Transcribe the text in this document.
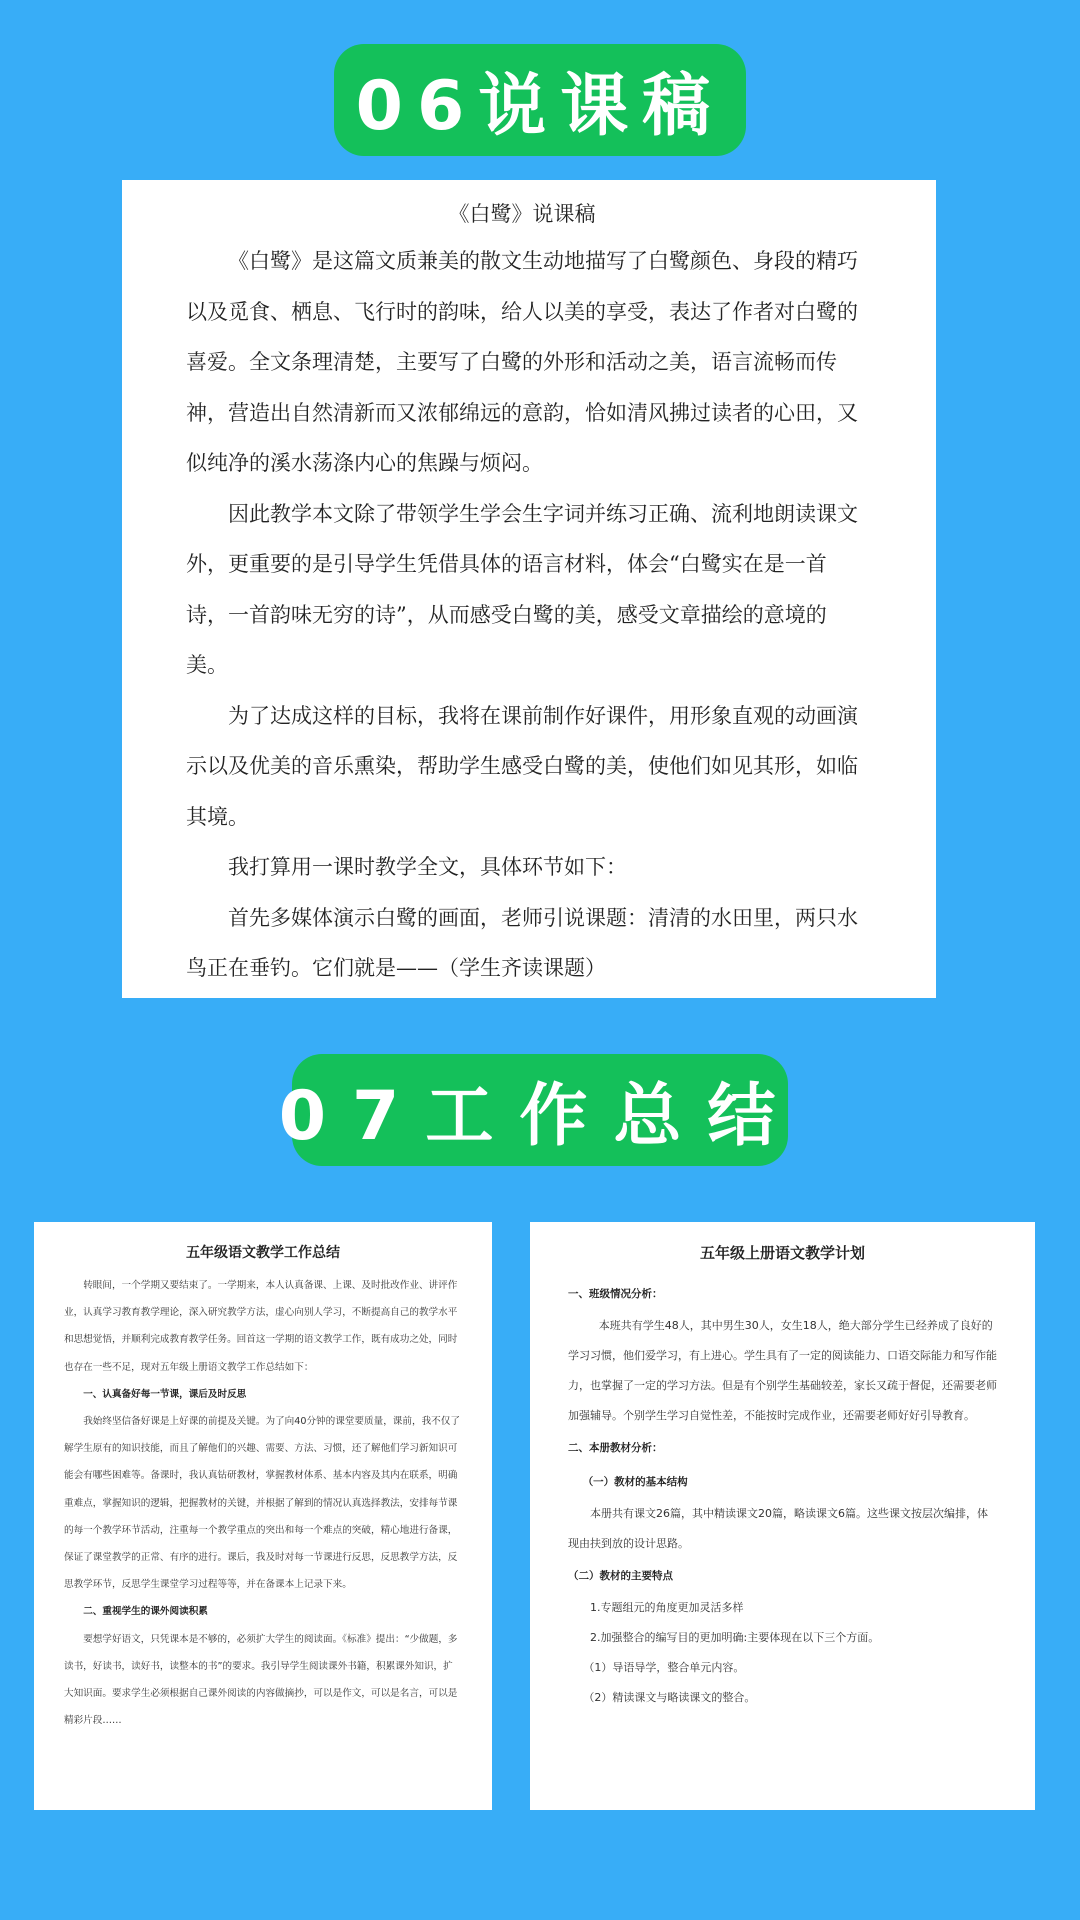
06说课稿
《白鹭》说课稿

《白鹭》是这篇文质兼美的散文生动地描写了白鹭颜色、身段的精巧以及觅食、栖息、飞行时的韵味，给人以美的享受，表达了作者对白鹭的喜爱。全文条理清楚，主要写了白鹭的外形和活动之美，语言流畅而传神，营造出自然清新而又浓郁绵远的意韵，恰如清风拂过读者的心田，又似纯净的溪水荡涤内心的焦躁与烦闷。

因此教学本文除了带领学生学会生字词并练习正确、流利地朗读课文外，更重要的是引导学生凭借具体的语言材料，体会“白鹭实在是一首诗，一首韵味无穷的诗”，从而感受白鹭的美，感受文章描绘的意境的美。

为了达成这样的目标，我将在课前制作好课件，用形象直观的动画演示以及优美的音乐熏染，帮助学生感受白鹭的美，使他们如见其形，如临其境。

我打算用一课时教学全文，具体环节如下：

首先多媒体演示白鹭的画面，老师引说课题：清清的水田里，两只水鸟正在垂钓。它们就是——（学生齐读课题）

07工作总结
五年级语文教学工作总结

转眼间，一个学期又要结束了。一学期来，本人认真备课、上课、及时批改作业、讲评作业，认真学习教育教学理论，深入研究教学方法，虚心向别人学习，不断提高自己的教学水平和思想觉悟，并顺利完成教育教学任务。回首这一学期的语文教学工作，既有成功之处，同时也存在一些不足，现对五年级上册语文教学工作总结如下：

一、认真备好每一节课，课后及时反思

我始终坚信备好课是上好课的前提及关键。为了向40分钟的课堂要质量，课前，我不仅了解学生原有的知识技能，而且了解他们的兴趣、需要、方法、习惯，还了解他们学习新知识可能会有哪些困难等。备课时，我认真钻研教材，掌握教材体系、基本内容及其内在联系，明确重难点，掌握知识的逻辑，把握教材的关键，并根据了解到的情况认真选择教法，安排每节课的每一个教学环节活动，注重每一个教学重点的突出和每一个难点的突破，精心地进行备课，保证了课堂教学的正常、有序的进行。课后，我及时对每一节课进行反思，反思教学方法，反思教学环节，反思学生课堂学习过程等等，并在备课本上记录下来。

二、重视学生的课外阅读积累

要想学好语文，只凭课本是不够的，必须扩大学生的阅读面。《标准》提出：“少做题，多读书，好读书，读好书，读整本的书”的要求。我引导学生阅读课外书籍，积累课外知识，扩大知识面。要求学生必须根据自己课外阅读的内容做摘抄，可以是作文，可以是名言，可以是精彩片段……

五年级上册语文教学计划

一、班级情况分析：

本班共有学生48人，其中男生30人，女生18人，绝大部分学生已经养成了良好的学习习惯，他们爱学习，有上进心。学生具有了一定的阅读能力、口语交际能力和写作能力，也掌握了一定的学习方法。但是有个别学生基础较差，家长又疏于督促，还需要老师加强辅导。个别学生学习自觉性差，不能按时完成作业，还需要老师好好引导教育。

二、本册教材分析：

（一）教材的基本结构

本册共有课文26篇，其中精读课文20篇，略读课文6篇。这些课文按层次编排，体现由扶到放的设计思路。

（二）教材的主要特点

1.专题组元的角度更加灵活多样

2.加强整合的编写目的更加明确:主要体现在以下三个方面。

（1）导语导学，整合单元内容。

（2）精读课文与略读课文的整合。
